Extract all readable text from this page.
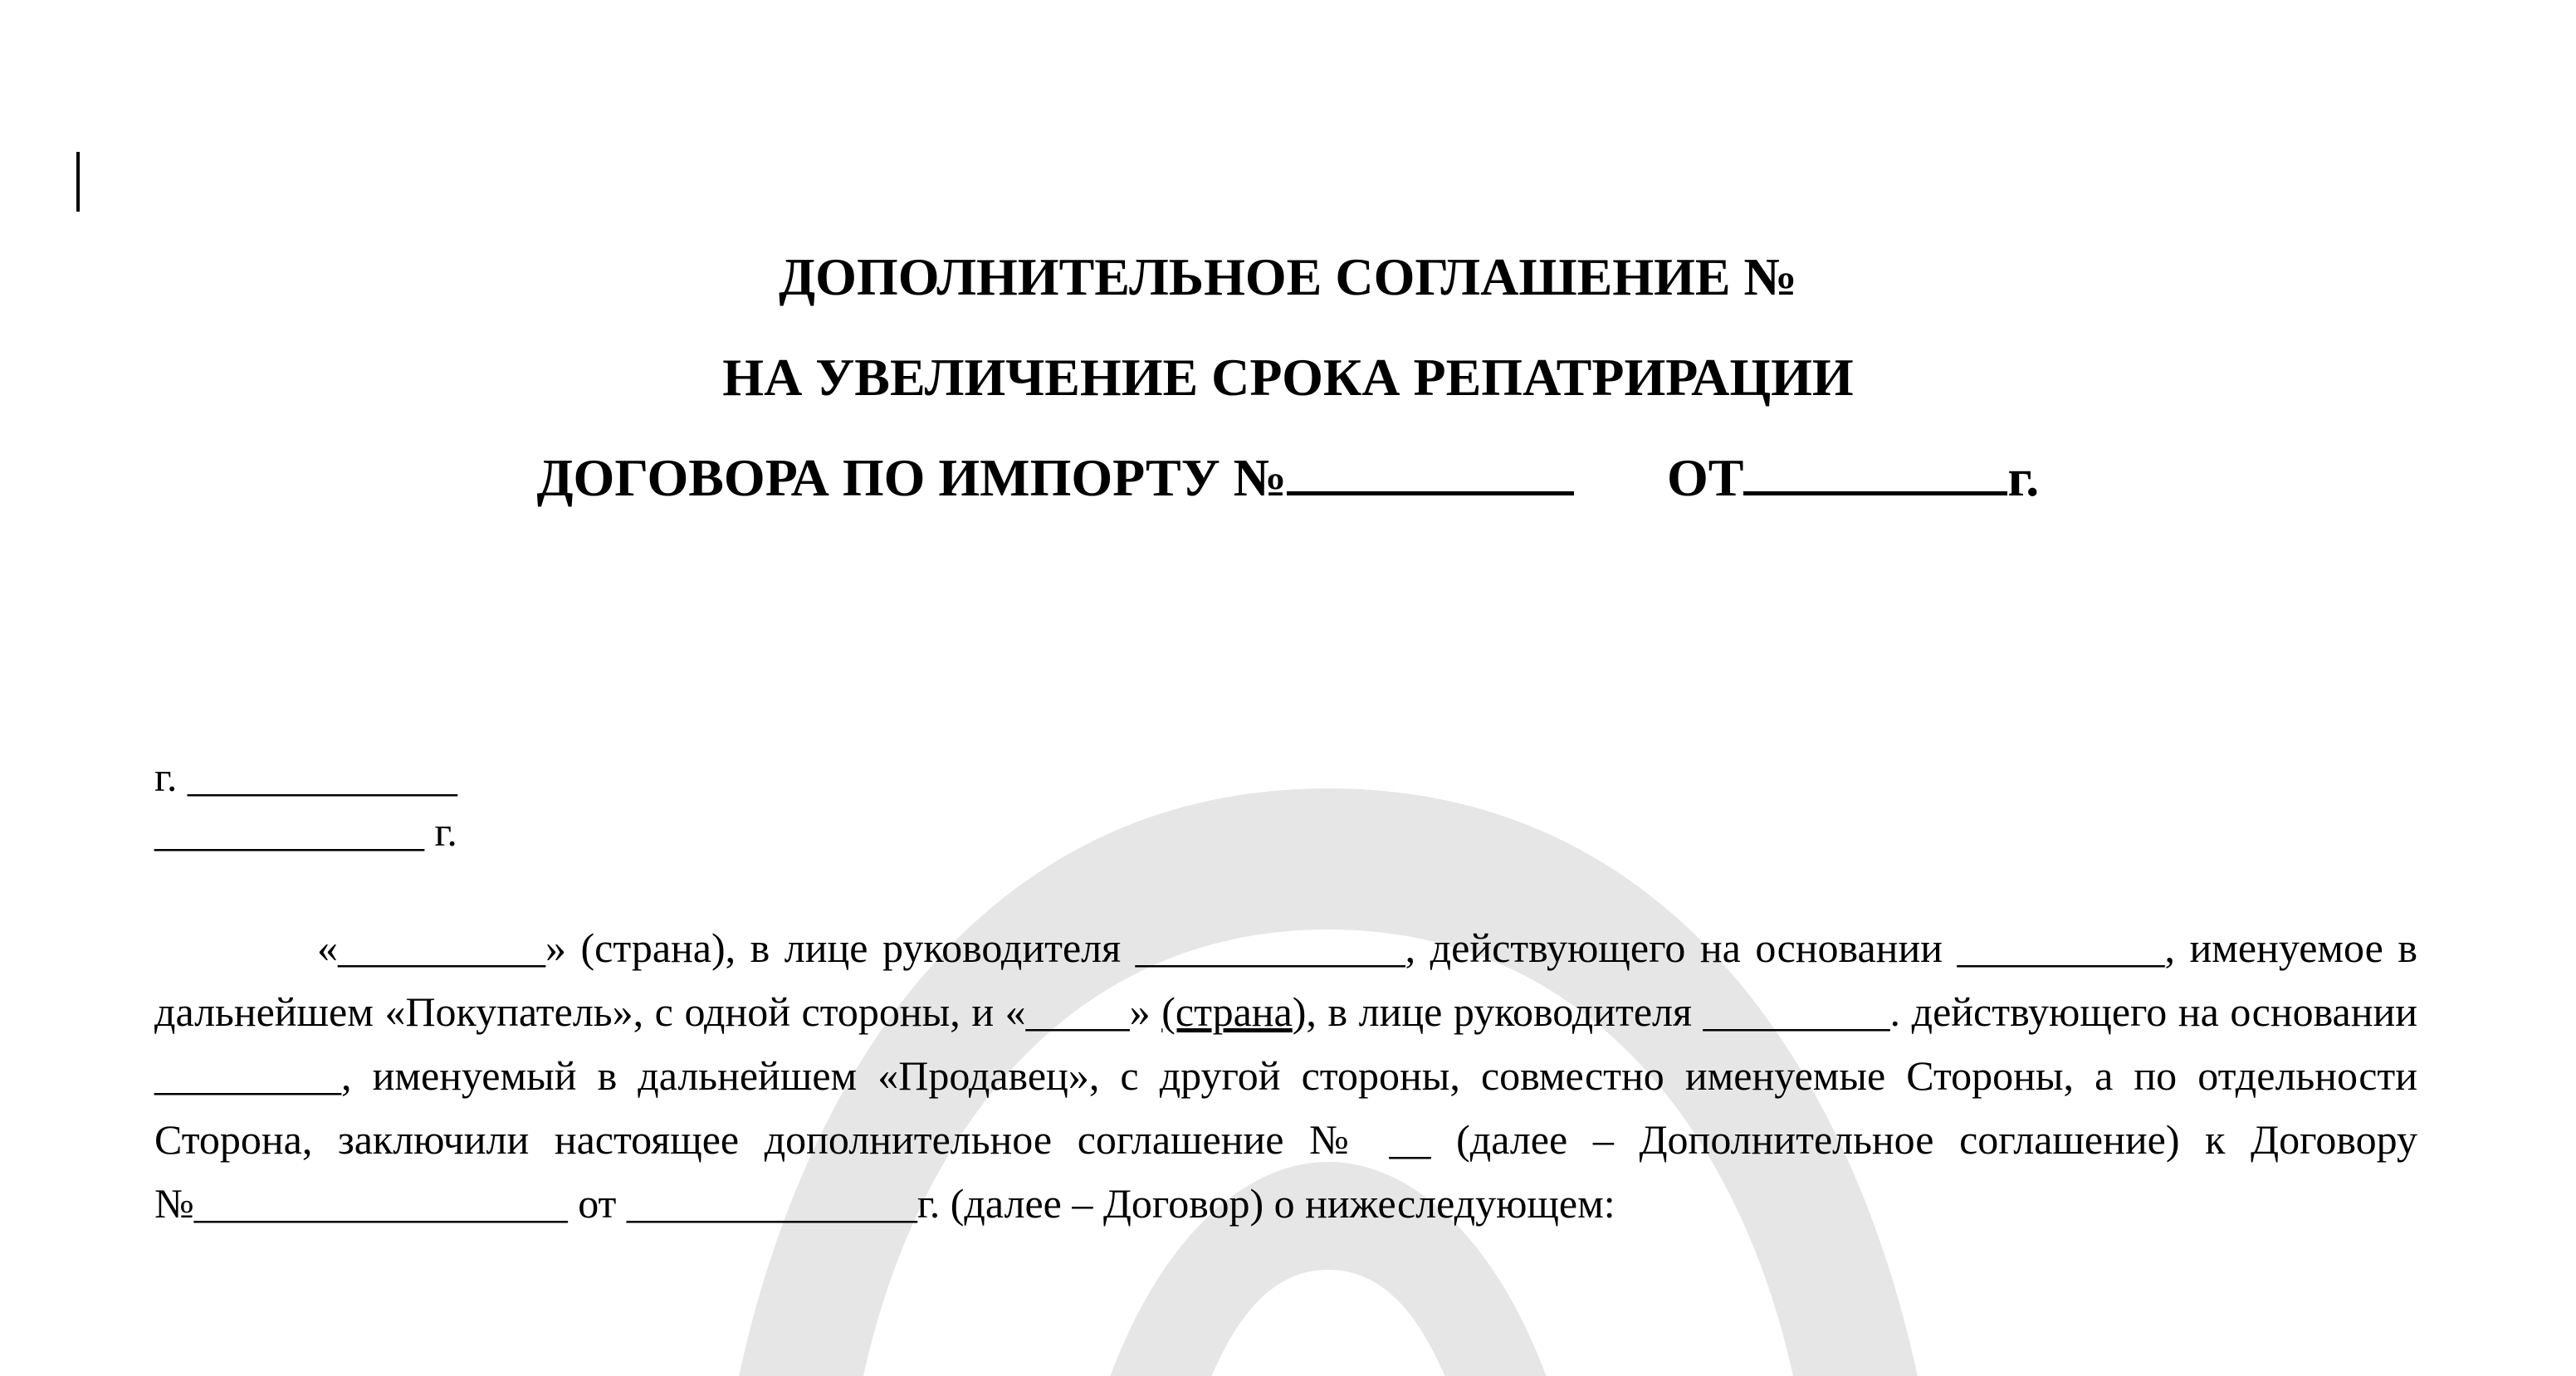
ДОПОЛНИТЕЛЬНОЕ СОГЛАШЕНИЕ №
НА УВЕЛИЧЕНИЕ СРОКА РЕПАТРИРАЦИИ
ДОГОВОРА ПО ИМПОРТУ №	ОТ	г.
г. _____________
_____________ г.
«__________» (страна), в лице руководителя _____________, действующего на основании __________, именуемое в дальнейшем «Покупатель», с одной стороны, и «_____» (страна), в лице руководителя _________. действующего на основании _________, именуемый в дальнейшем «Продавец», с другой стороны, совместно именуемые Стороны, а по отдельности Сторона, заключили настоящее дополнительное соглашение № __ (далее – Дополнительное соглашение) к Договору №__________________ от ______________г. (далее – Договор) о нижеследующем:
